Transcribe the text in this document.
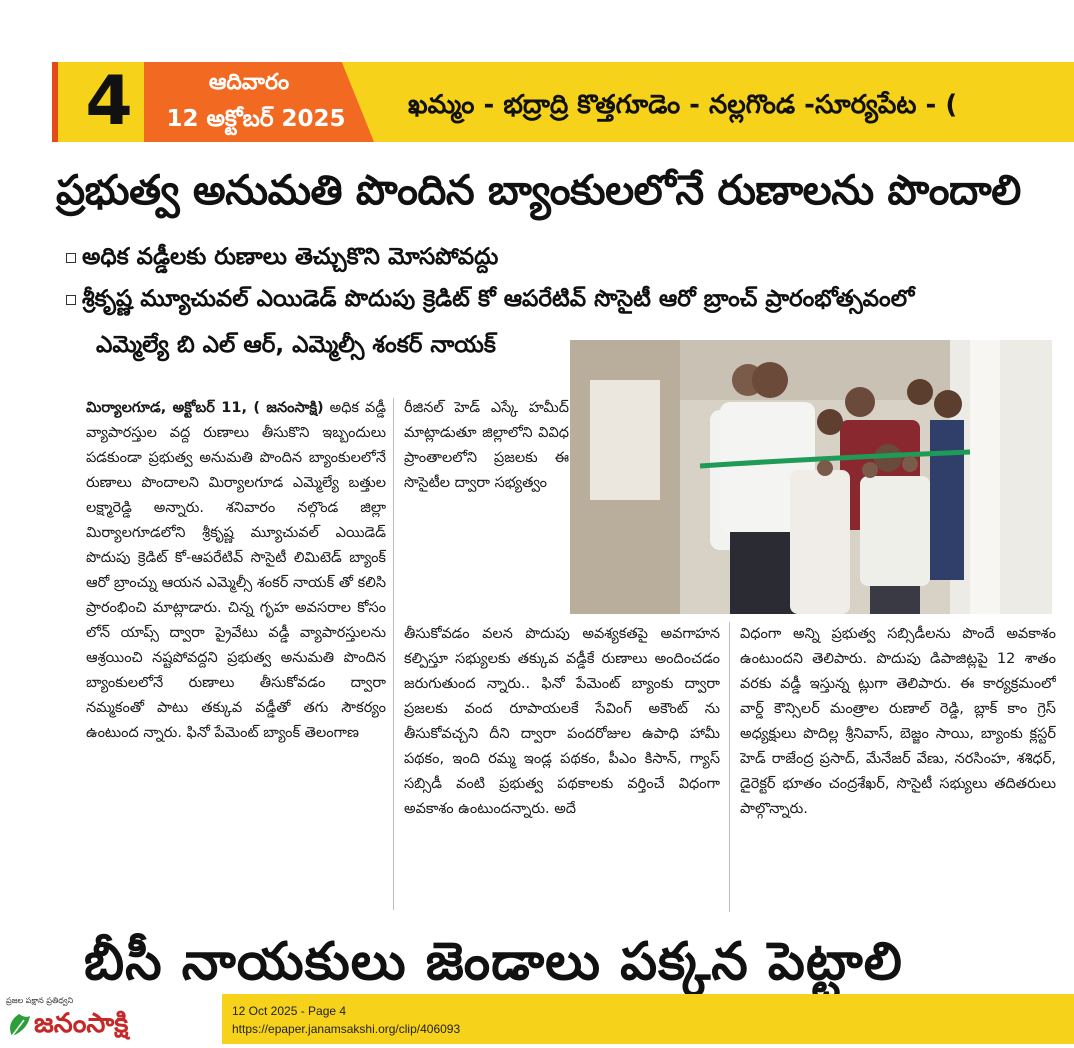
4	ఆదివారం
12 అక్టోబర్ 2025	ఖమ్మం - భద్రాద్రి కొత్తగూడెం - నల్లగొండ -సూర్యపేట - (
ప్రభుత్వ అనుమతి పొందిన బ్యాంకులలోనే రుణాలను పొందాలి
అధిక వడ్డీలకు రుణాలు తెచ్చుకొని మోసపోవద్దు
శ్రీకృష్ణ మ్యూచువల్ ఎయిడెడ్ పొదుపు క్రెడిట్ కో ఆపరేటివ్ సొసైటీ ఆరో బ్రాంచ్ ప్రారంభోత్సవంలో
ఎమ్మెల్యే బి ఎల్ ఆర్, ఎమ్మెల్సీ శంకర్ నాయక్
మిర్యాలగూడ, అక్టోబర్ 11, ( జనంసాక్షి) అధిక వడ్డీ వ్యాపారస్తుల వద్ద రుణాలు తీసుకొని ఇబ్బందులు పడకుండా ప్రభుత్వ అనుమతి పొందిన బ్యాంకులలోనే రుణాలు పొందాలని మిర్యాలగూడ ఎమ్మెల్యే బత్తుల లక్ష్మారెడ్డి అన్నారు. శనివారం నల్గొండ జిల్లా మిర్యాలగూడలోని శ్రీకృష్ణ మ్యూచువల్ ఎయిడెడ్ పొదుపు క్రెడిట్ కో-ఆపరేటివ్ సొసైటీ లిమిటెడ్ బ్యాంక్ ఆరో బ్రాంచ్ను ఆయన ఎమ్మెల్సీ శంకర్ నాయక్ తో కలిసి ప్రారంభించి మాట్లాడారు. చిన్న గృహ అవసరాల కోసం లోన్ యాప్స్ ద్వారా ప్రైవేటు వడ్డీ వ్యాపారస్తులను ఆశ్రయించి నష్టపోవద్దని ప్రభుత్వ అనుమతి పొందిన బ్యాంకులలోనే రుణాలు తీసుకోవడం ద్వారా నమ్మకంతో పాటు తక్కువ వడ్డీతో తగు సౌకర్యం ఉంటుంద న్నారు. ఫినో పేమెంట్ బ్యాంక్ తెలంగాణ
రీజినల్ హెడ్ ఎస్కే హమీద్ మాట్లాడుతూ జిల్లాలోని వివిధ ప్రాంతాలలోని ప్రజలకు ఈ సొసైటీల ద్వారా సభ్యత్వం
తీసుకోవడం వలన పొదుపు అవశ్యకతపై అవగాహన కల్పిస్తూ సభ్యులకు తక్కువ వడ్డీకే రుణాలు అందించడం జరుగుతుంద న్నారు.. ఫినో పేమెంట్ బ్యాంకు ద్వారా ప్రజలకు వంద రూపాయలకే సేవింగ్ అకౌంట్ ను తీసుకోవచ్చని దీని ద్వారా పందరోజుల ఉపాధి హామీ పథకం, ఇంది రమ్మ ఇండ్ల పథకం, పీఎం కిసాన్, గ్యాస్ సబ్సిడీ వంటి ప్రభుత్వ పథకాలకు వర్తించే విధంగా అవకాశం ఉంటుందన్నారు. అదే
విధంగా అన్ని ప్రభుత్వ సబ్సిడీలను పొందే అవకాశం ఉంటుందని తెలిపారు. పొదుపు డిపాజిట్లపై 12 శాతం వరకు వడ్డీ ఇస్తున్న ట్లుగా తెలిపారు. ఈ కార్యక్రమంలో వార్డ్ కౌన్సిలర్ మంత్రాల రుణాల్ రెడ్డి, బ్లాక్ కాం గ్రెస్ అధ్యక్షులు పొదిల్ల శ్రీనివాస్, బెజ్జం సాయి, బ్యాంకు క్లస్టర్ హెడ్ రాజేంద్ర ప్రసాద్, మేనేజర్ వేణు, నరసింహ, శశిధర్, డైరెక్టర్ భూతం చంద్రశేఖర్, సొసైటీ సభ్యులు తదితరులు పాల్గొన్నారు.
బీసీ నాయకులు జెండాలు పక్కన పెట్టాలి
ప్రజల పక్షాన ప్రతిధ్వని
జనంసాక్షి	12 Oct 2025 - Page 4
https://epaper.janamsakshi.org/clip/406093
